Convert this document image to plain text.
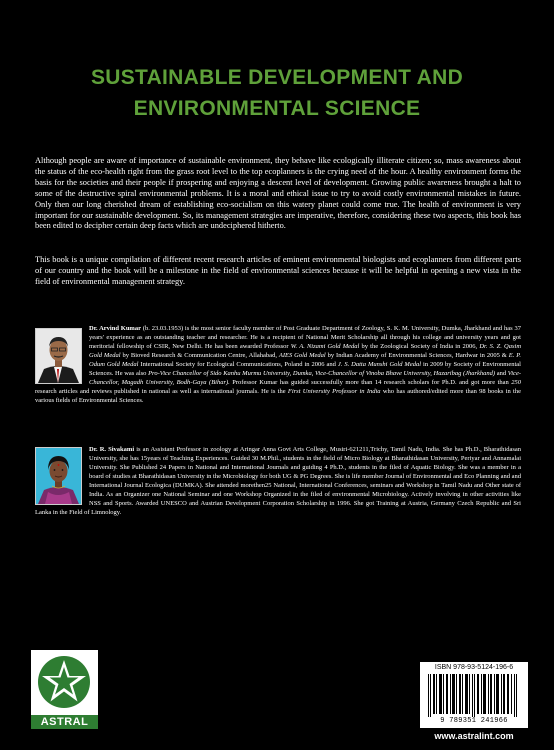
SUSTAINABLE DEVELOPMENT AND
ENVIRONMENTAL SCIENCE

Although people are aware of importance of sustainable environment, they behave like ecologically illiterate citizen; so, mass awareness about the status of the eco-health right from the grass root level to the top ecoplanners is the crying need of the hour. A healthy environment forms the basis for the societies and their people if prospering and enjoying a descent level of development. Growing public awareness brought a halt to some of the destructive spiral environmental problems. It is a moral and ethical issue to try to avoid costly environmental mistakes in future. Only then our long cherished dream of establishing eco-socialism on this watery planet could come true. The health of environment is very important for our sustainable development. So, its management strategies are imperative, therefore, considering these two aspects, this book has been edited to decipher certain deep facts which are undeciphered hitherto.

This book is a unique compilation of different recent research articles of eminent environmental biologists and ecoplanners from different parts of our country and the book will be a milestone in the field of environmental sciences because it will be helpful in opening a new vista in the field of environmental management strategy.

Dr. Arvind Kumar (b. 23.03.1953) is the most senior faculty member of Post Graduate Department of Zoology, S. K. M. University, Dumka, Jharkhand and has 37 years' experience as an outstanding teacher and researcher. He is a recipient of National Merit Scholarship all through his college and university years and got meritorial fellowship of CSIR, New Delhi. He has been awarded Professor W. A. Nizami Gold Medal by the Zoological Society of India in 2006, Dr. S. Z. Qasim Gold Medal by Bioved Research & Communication Centre, Allahabad, AIES Gold Medal by Indian Academy of Environmental Sciences, Hardwar in 2005 & E. P. Odum Gold Medal International Society for Ecological Communications, Poland in 2006 and J. S. Datta Munshi Gold Medal in 2009 by Society of Environmental Sciences. He was also Pro-Vice Chancellor of Sido Kanhu Murmu University, Dumka, Vice-Chancellor of Vinoba Bhave University, Hazaribag (Jharkhand) and Vice-Chancellor, Magadh University, Bodh-Gaya (Bihar). Professor Kumar has guided successfully more than 14 research scholars for Ph.D. and got more than 250 research articles and reviews published in national as well as international journals. He is the First University Professor in India who has authored/edited more than 98 books in the various fields of Environmental Sciences.
Dr. R. Sivakami is an Assistant Professor in zoology at Aringar Anna Govt Arts College, Musiri-621211,Trichy, Tamil Nadu, India. She has Ph.D., Bharathidasan University, she has 15years of Teaching Experiences. Guided 30 M.Phil., students in the field of Micro Biology at Bharathidasan University, Periyar and Annamalai University. She Published 24 Papers in National and International Journals and guiding 4 Ph.D., students in the filed of Aquatic Biology. She was a member in a board of studies at Bharathidasan University in the Microbiology for both UG & PG Degrees. She is life member Journal of Environmental and Eco Planning and and International Journal Ecologica (DUMKA). She attended morethen25 National, International Conferences, seminars and Workshop in Tamil Nadu and Other state of India. As an Organizer one National Seminar and one Workshop Organized in the filed of environmental Microbiology. Actively involving in other activities like NSS and Sports. Awarded UNESCO and Austrian Development Corporation Scholarship in 1996. She got Training at Austria, Germany Czech Republic and Sri Lanka in the Field of Limnology.
ASTRAL
ISBN 978-93-5124-196-6
9 789351 241966
www.astralint.com
